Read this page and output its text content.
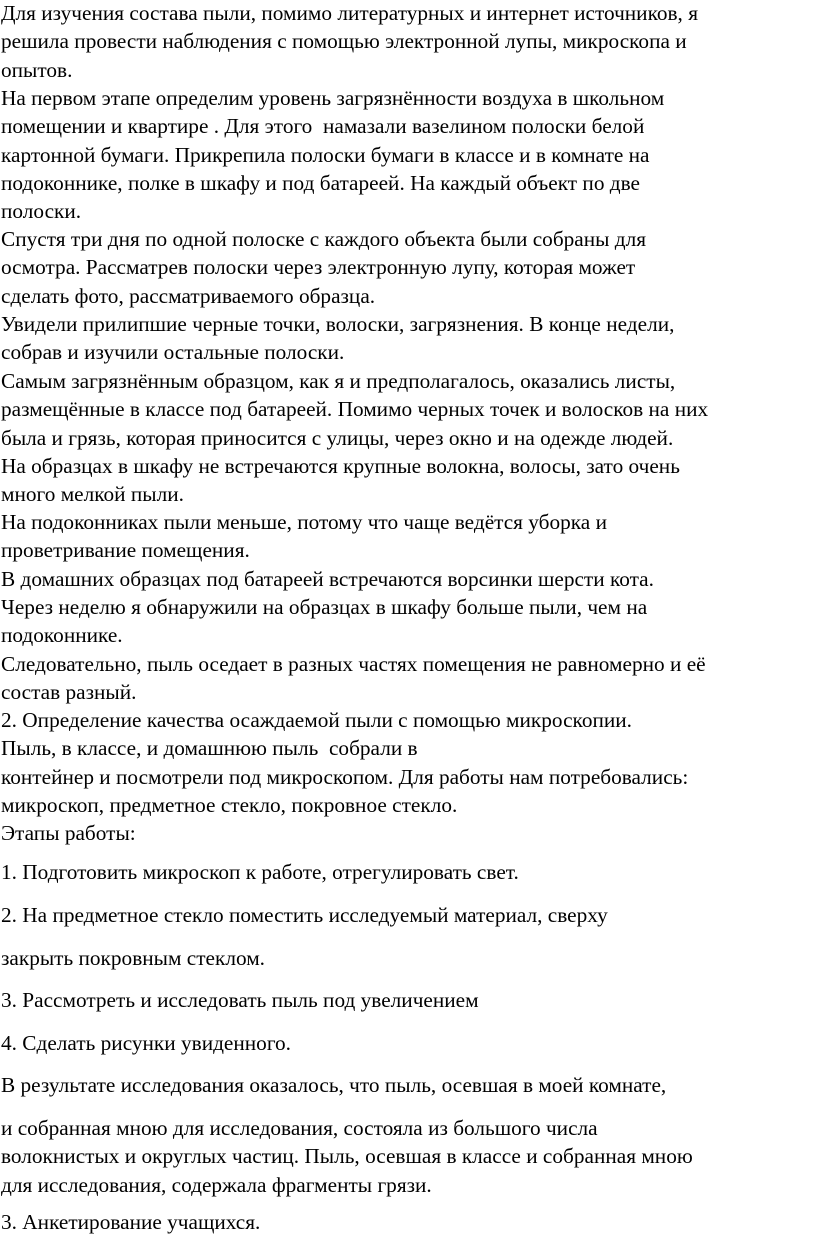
Для изучения состава пыли, помимо литературных и интернет источников, я
решила провести наблюдения с помощью электронной лупы, микроскопа и
опытов.

На первом этапе определим уровень загрязнённости воздуха в школьном
помещении и квартире . Для этого  намазали вазелином полоски белой
картонной бумаги. Прикрепила полоски бумаги в классе и в комнате на
подоконнике, полке в шкафу и под батареей. На каждый объект по две
полоски.

Спустя три дня по одной полоске с каждого объекта были собраны для
осмотра. Рассматрев полоски через электронную лупу, которая может
сделать фото, рассматриваемого образца.

Увидели прилипшие черные точки, волоски, загрязнения. В конце недели,
собрав и изучили остальные полоски.

Самым загрязнённым образцом, как я и предполагалось, оказались листы,
размещённые в классе под батареей. Помимо черных точек и волосков на них
была и грязь, которая приносится с улицы, через окно и на одежде людей.

На образцах в шкафу не встречаются крупные волокна, волосы, зато очень
много мелкой пыли.

На подоконниках пыли меньше, потому что чаще ведётся уборка и
проветривание помещения.

В домашних образцах под батареей встречаются ворсинки шерсти кота.

Через неделю я обнаружили на образцах в шкафу больше пыли, чем на
подоконнике.

Следовательно, пыль оседает в разных частях помещения не равномерно и её
состав разный.

2. Определение качества осаждаемой пыли с помощью микроскопии.

Пыль, в классе, и домашнюю пыль  собрали в

контейнер и посмотрели под микроскопом. Для работы нам потребовались:
микроскоп, предметное стекло, покровное стекло.

Этапы работы:

1. Подготовить микроскоп к работе, отрегулировать свет.

2. На предметное стекло поместить исследуемый материал, сверху

закрыть покровным стеклом.

3. Рассмотреть и исследовать пыль под увеличением

4. Сделать рисунки увиденного.

В результате исследования оказалось, что пыль, осевшая в моей комнате,

и собранная мною для исследования, состояла из большого числа
волокнистых и округлых частиц. Пыль, осевшая в классе и собранная мною
для исследования, содержала фрагменты грязи.

3. Анкетирование учащихся.
